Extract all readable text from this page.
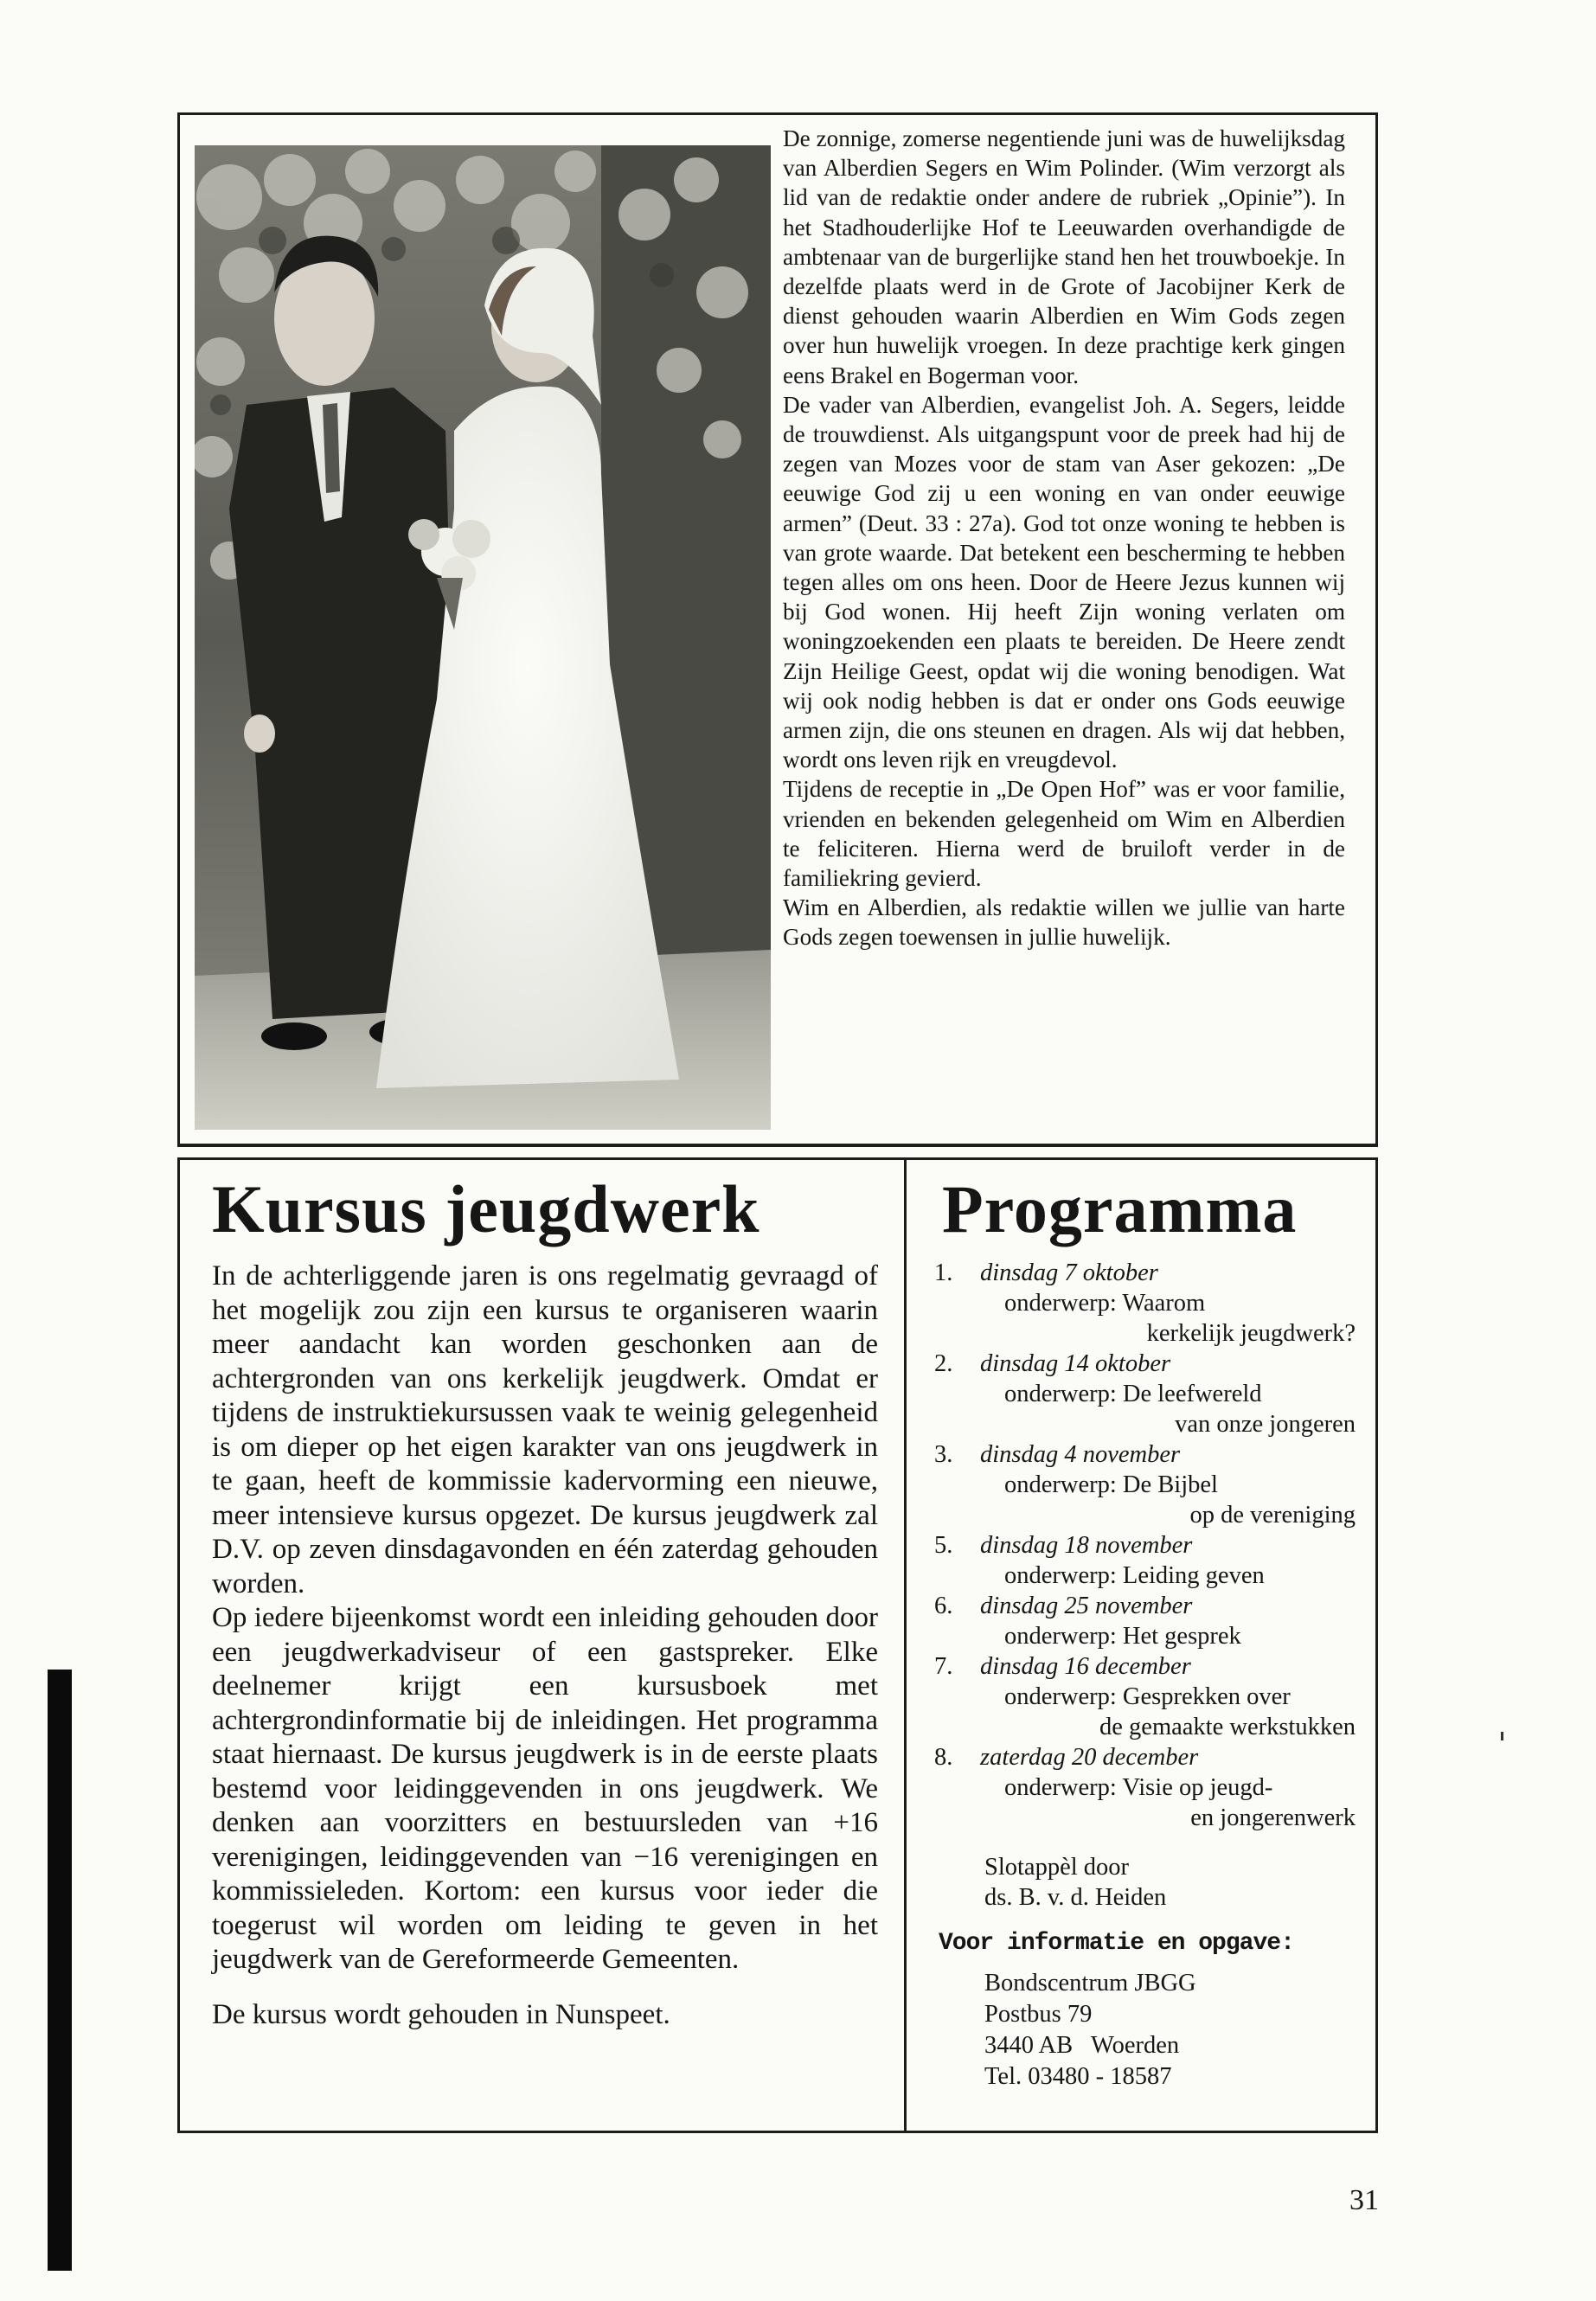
De zonnige, zomerse negentiende juni was de huwelijksdag van Alberdien Segers en Wim Polinder. (Wim verzorgt als lid van de redaktie onder andere de rubriek „Opinie”). In het Stadhouderlijke Hof te Leeuwarden overhandigde de ambtenaar van de burgerlijke stand hen het trouwboekje. In dezelfde plaats werd in de Grote of Jacobijner Kerk de dienst gehouden waarin Alberdien en Wim Gods zegen over hun huwelijk vroegen. In deze prachtige kerk gingen eens Brakel en Bogerman voor.

De vader van Alberdien, evangelist Joh. A. Segers, leidde de trouwdienst. Als uitgangspunt voor de preek had hij de zegen van Mozes voor de stam van Aser gekozen: „De eeuwige God zij u een woning en van onder eeuwige armen” (Deut. 33 : 27a). God tot onze woning te hebben is van grote waarde. Dat betekent een bescherming te hebben tegen alles om ons heen. Door de Heere Jezus kunnen wij bij God wonen. Hij heeft Zijn woning verlaten om woningzoekenden een plaats te bereiden. De Heere zendt Zijn Heilige Geest, opdat wij die woning benodigen. Wat wij ook nodig hebben is dat er onder ons Gods eeuwige armen zijn, die ons steunen en dragen. Als wij dat hebben, wordt ons leven rijk en vreugdevol.

Tijdens de receptie in „De Open Hof” was er voor familie, vrienden en bekenden gelegenheid om Wim en Alberdien te feliciteren. Hierna werd de bruiloft verder in de familiekring gevierd.

Wim en Alberdien, als redaktie willen we jullie van harte Gods zegen toewensen in jullie huwelijk.

Kursus jeugdwerk

In de achterliggende jaren is ons regelmatig gevraagd of het mogelijk zou zijn een kursus te organiseren waarin meer aandacht kan worden geschonken aan de achtergronden van ons kerkelijk jeugdwerk. Omdat er tijdens de instruktiekursussen vaak te weinig gelegenheid is om dieper op het eigen karakter van ons jeugdwerk in te gaan, heeft de kommissie kadervorming een nieuwe, meer intensieve kursus opgezet. De kursus jeugdwerk zal D.V. op zeven dinsdagavonden en één zaterdag gehouden worden.

Op iedere bijeenkomst wordt een inleiding gehouden door een jeugdwerkadviseur of een gastspreker. Elke deelnemer krijgt een kursusboek met achtergrondinformatie bij de inleidingen. Het programma staat hiernaast. De kursus jeugdwerk is in de eerste plaats bestemd voor leidinggevenden in ons jeugdwerk. We denken aan voorzitters en bestuursleden van +16 verenigingen, leidinggevenden van −16 verenigingen en kommissieleden. Kortom: een kursus voor ieder die toegerust wil worden om leiding te geven in het jeugdwerk van de Gereformeerde Gemeenten.

De kursus wordt gehouden in Nunspeet.

Programma
1. dinsdag 7 oktober
onderwerp: Waarom
kerkelijk jeugdwerk?
2. dinsdag 14 oktober
onderwerp: De leefwereld
van onze jongeren
3. dinsdag 4 november
onderwerp: De Bijbel
op de vereniging
5. dinsdag 18 november
onderwerp: Leiding geven
6. dinsdag 25 november
onderwerp: Het gesprek
7. dinsdag 16 december
onderwerp: Gesprekken over
de gemaakte werkstukken
8. zaterdag 20 december
onderwerp: Visie op jeugd-
en jongerenwerk
Slotappèl door
ds. B. v. d. Heiden
Voor informatie en opgave:
Bondscentrum JBGG
Postbus 79
3440 AB   Woerden
Tel. 03480 - 18587
31
